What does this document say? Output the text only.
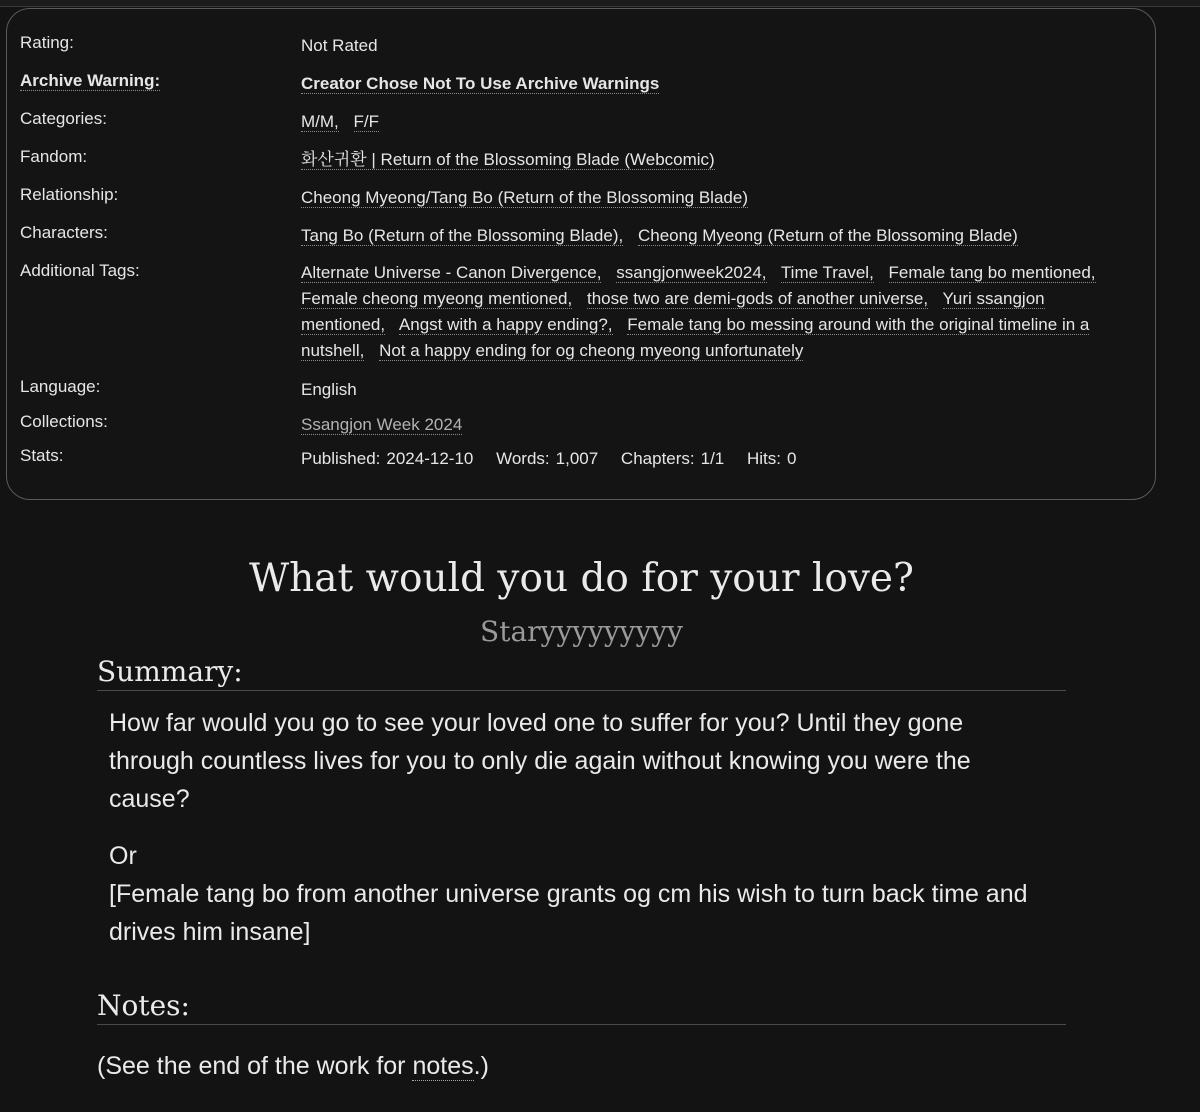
Rating:	Not Rated
Archive Warning:	Creator Chose Not To Use Archive Warnings
Categories:	M/M, F/F
Fandom:	화산귀환 | Return of the Blossoming Blade (Webcomic)
Relationship:	Cheong Myeong/Tang Bo (Return of the Blossoming Blade)
Characters:	Tang Bo (Return of the Blossoming Blade), Cheong Myeong (Return of the Blossoming Blade)
Additional Tags:	Alternate Universe - Canon Divergence, ssangjonweek2024, Time Travel, Female tang bo mentioned, Female cheong myeong mentioned, those two are demi-gods of another universe, Yuri ssangjon mentioned, Angst with a happy ending?, Female tang bo messing around with the original timeline in a nutshell, Not a happy ending for og cheong myeong unfortunately
Language:	English
Collections:	Ssangjon Week 2024
Stats:	Published: 2024-12-10 Words: 1,007 Chapters: 1/1 Hits: 0
What would you do for your love?
Staryyyyyyyyy
Summary:

How far would you go to see your loved one to suffer for you? Until they gone through countless lives for you to only die again without knowing you were the cause?

Or
[Female tang bo from another universe grants og cm his wish to turn back time and drives him insane]

Notes:
(See the end of the work for notes.)
